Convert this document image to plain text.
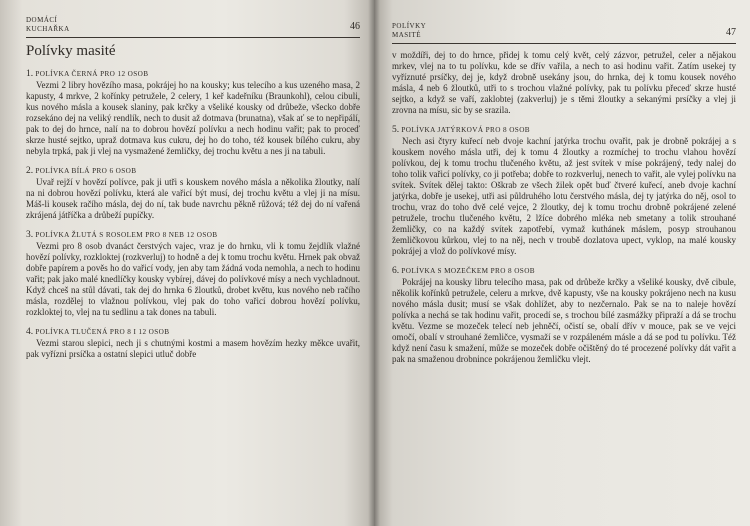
DOMÁCÍ
KUCHAŘKA	46
Polívky masité
1. POLÍVKA ČERNÁ PRO 12 OSOB

Vezmi 2 libry hovězího masa, pokrájej ho na kousky; kus telecího a kus uzeného masa, 2 kapusty, 4 mrkve, 2 kořínky petružele, 2 celery, 1 keř kadeřníku (Braunkohl), celou cibuli, kus nového másla a kousek slaniny, pak krčky a všeliké kousky od drůbeže, všecko dobře rozsekáno dej na veliký rendlík, nech to dusit až dotmava (brunatna), však ať se to nepřipálí, pak to dej do hrnce, nalí na to dobrou hovězí polívku a nech hodinu vařit; pak to proceď skrze husté sejtko, upraž dotmava kus cukru, dej ho do toho, též kousek bílého cukru, aby nebyla trpká, pak ji vlej na vysmažené žemličky, dej trochu květu a nes ji na tabuli.

2. POLÍVKA BÍLÁ PRO 6 OSOB

Uvař rejží v hovězí polívce, pak ji utři s kouskem nového másla a několika žloutky, nalí na ni dobrou hovězí polívku, která ale vařicí být musí, dej trochu květu a vlej ji na mísu. Máš-li kousek račího másla, dej do ní, tak bude navrchu pěkně růžová; též dej do ní vařená zkrájená játříčka a drůbeží pupíčky.

3. POLÍVKA ŽLUTÁ S ROSOLEM PRO 8 NEB 12 OSOB

Vezmi pro 8 osob dvanáct čerstvých vajec, vraz je do hrnku, vli k tomu žejdlík vlažné hovězí polívky, rozkloktej (rozkverluj) to hodně a dej k tomu trochu květu. Hrnek pak obvaž dobře papírem a pověs ho do vařicí vody, jen aby tam žádná voda nemohla, a nech to hodinu vařit; pak jako malé knedlíčky kousky vybírej, dávej do polívkové mísy a nech vychladnout. Když chceš na stůl dávati, tak dej do hrnka 6 žloutků, drobet květu, kus nového neb račího másla, rozdělej to vlažnou polívkou, vlej pak do toho vařicí dobrou hovězí polívku, rozkloktej to, vlej na tu sedlinu a tak dones na tabuli.

4. POLÍVKA TLUČENÁ PRO 8 I 12 OSOB

Vezmi starou slepici, nech ji s chutnými kostmi a masem hovězím hezky měkce uvařit, pak vyřízni prsíčka a ostatní slepici utluč dobře

POLÍVKY
MASITÉ	47

v moždíři, dej to do hrnce, přidej k tomu celý květ, celý zázvor, petružel, celer a nějakou mrkev, vlej na to tu polívku, kde se dřív vařila, a nech to asi hodinu vařit. Zatím usekej ty vyříznuté prsíčky, dej je, když drobně usekány jsou, do hrnka, dej k tomu kousek nového másla, 4 neb 6 žloutků, utři to s trochou vlažné polívky, pak tu polívku přeceď skrze husté sejtko, a když se vaří, zaklobtej (zakverluj) je s těmi žloutky a sekanými prsíčky a vlej ji zrovna na mísu, sic by se srazila.

5. POLÍVKA JATÝRKOVÁ PRO 8 OSOB

Nech asi čtyry kuřecí neb dvoje kachní jatýrka trochu ovařit, pak je drobně pokrájej a s kouskem nového másla utři, dej k tomu 4 žloutky a rozmíchej to trochu vlahou hovězí polívkou, dej k tomu trochu tlučeného květu, až jest svítek v míse pokrájený, tedy nalej do toho tolik vařicí polívky, co ji potřeba; dobře to rozkverluj, nenech to vařit, ale vylej polívku na svítek. Svítek dělej takto: Oškrab ze všech žilek opět buď čtveré kuřecí, aneb dvoje kachní jatýrka, dobře je usekej, utři asi půldruhého lotu čerstvého másla, dej ty jatýrka do něj, osol to trochu, vraz do toho dvě celé vejce, 2 žloutky, dej k tomu trochu drobně pokrájené zelené petružele, trochu tlučeného květu, 2 lžíce dobrého mléka neb smetany a tolik strouhané žemličky, co na každý svítek zapotřebí, vymaž kuthánek máslem, posyp strouhanou žemličkovou kůrkou, vlej to na něj, nech v troubě dozlatova upect, vyklop, na malé kousky pokrájej a vlož do polívkové mísy.

6. POLÍVKA S MOZEČKEM PRO 8 OSOB

Pokrájej na kousky libru telecího masa, pak od drůbeže krčky a všeliké kousky, dvě cibule, několik kořínků petružele, celeru a mrkve, dvě kapusty, vše na kousky pokrájeno nech na kusu nového másla dusit; musí se však dohlížet, aby to nezčernalo. Pak se na to naleje hovězí polívka a nechá se tak hodinu vařit, procedí se, s trochou bílé zasmážky připraží a dá se trochu květu. Vezme se mozeček telecí neb jehněčí, očistí se, obalí dřív v mouce, pak se ve vejci omočí, obalí v strouhané žemličce, vysmaží se v rozpáleném másle a dá se pod tu polívku. Též když není času k smažení, může se mozeček dobře očištěný do té procezené polívky dát vařit a pak na smaženou drobnince pokrájenou žemličku vlejt.
